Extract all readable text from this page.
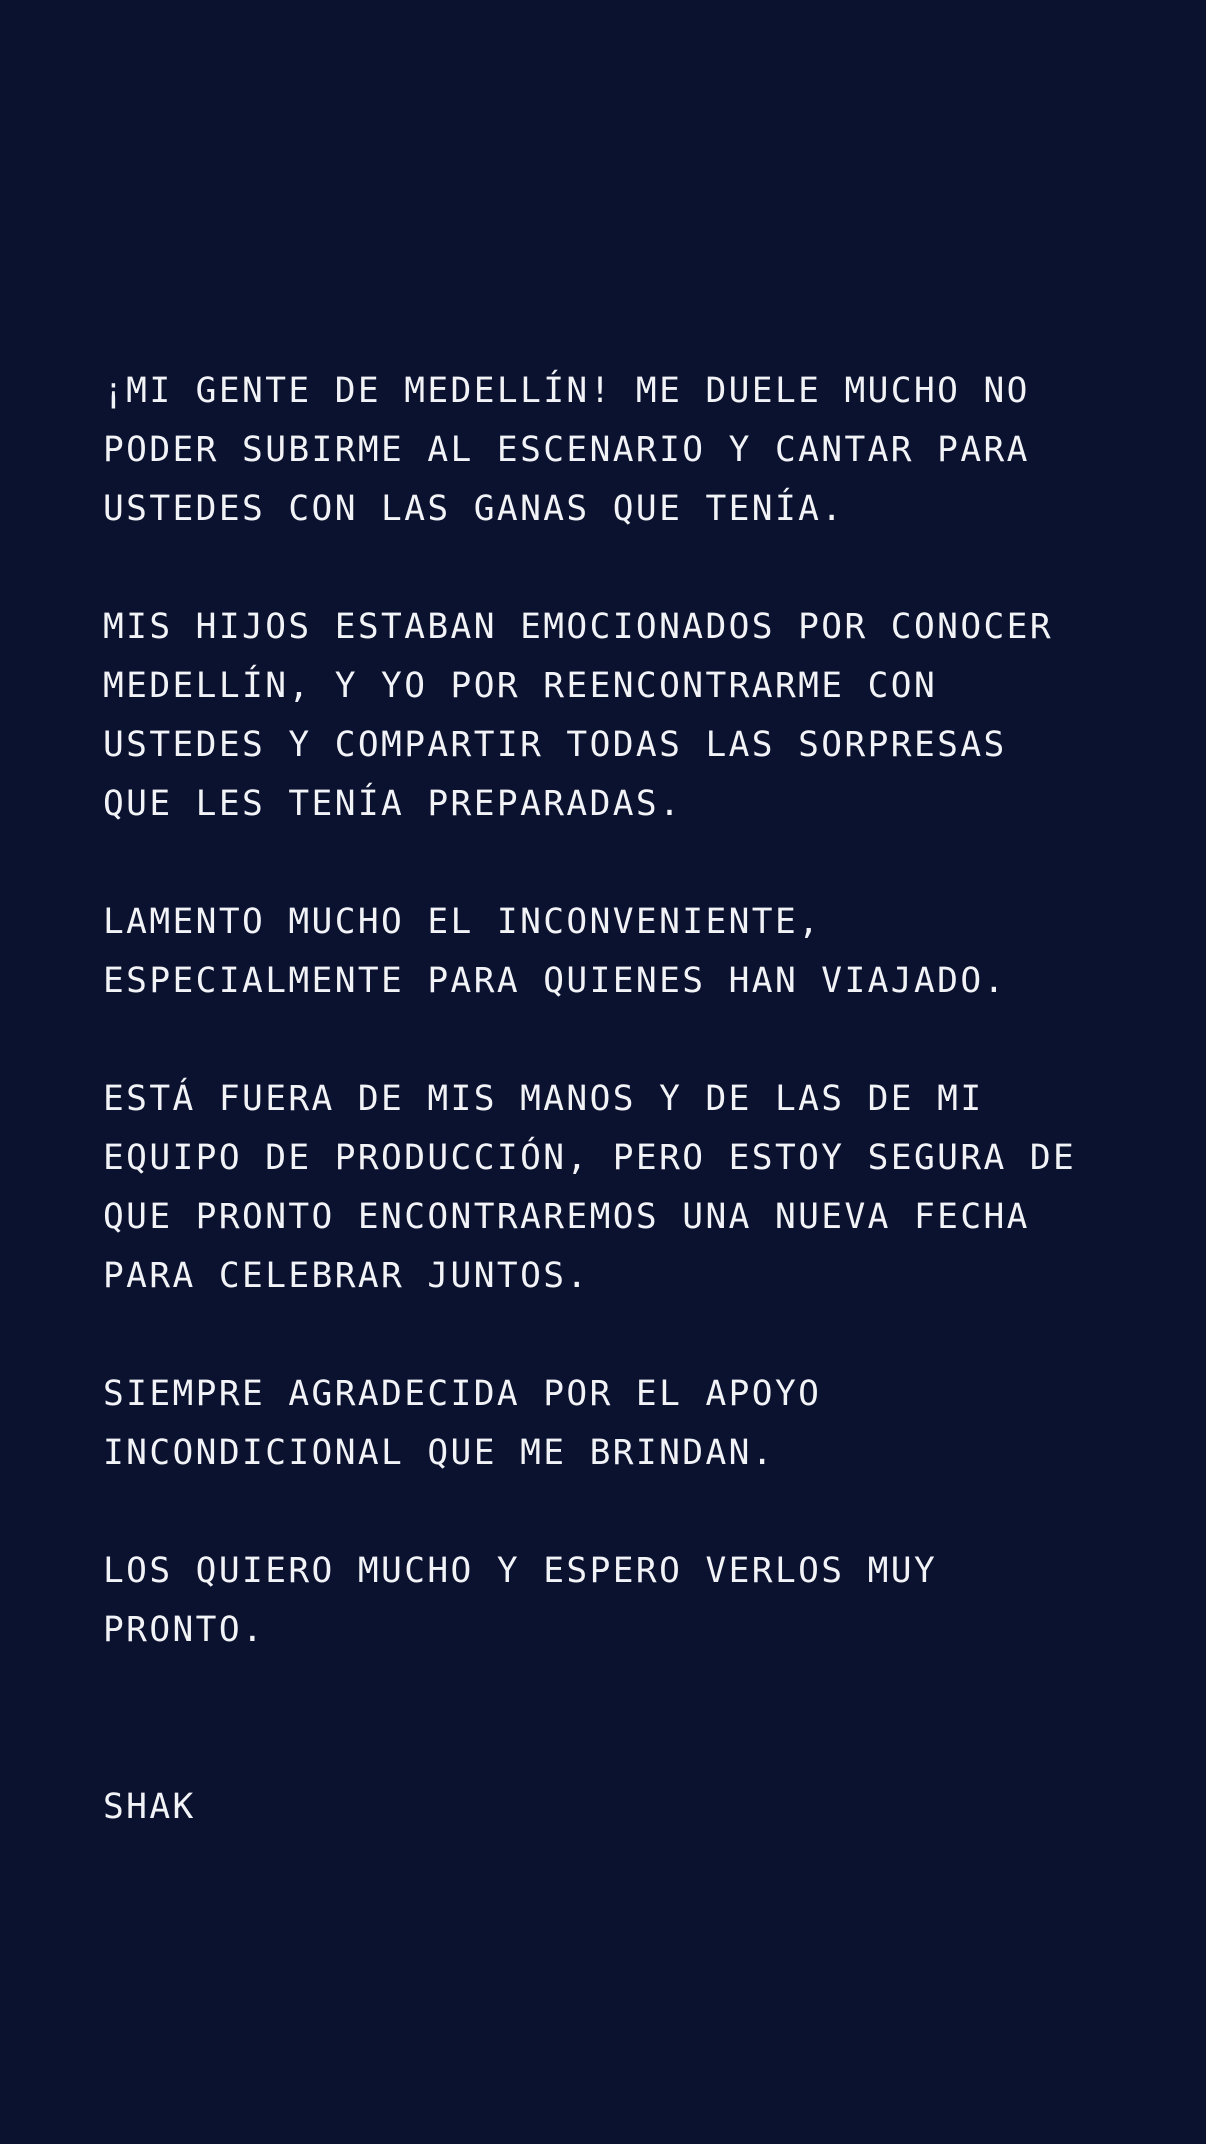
¡MI GENTE DE MEDELLÍN! ME DUELE MUCHO NO
PODER SUBIRME AL ESCENARIO Y CANTAR PARA
USTEDES CON LAS GANAS QUE TENÍA.
MIS HIJOS ESTABAN EMOCIONADOS POR CONOCER
MEDELLÍN, Y YO POR REENCONTRARME CON
USTEDES Y COMPARTIR TODAS LAS SORPRESAS
QUE LES TENÍA PREPARADAS.
LAMENTO MUCHO EL INCONVENIENTE,
ESPECIALMENTE PARA QUIENES HAN VIAJADO.
ESTÁ FUERA DE MIS MANOS Y DE LAS DE MI
EQUIPO DE PRODUCCIÓN, PERO ESTOY SEGURA DE
QUE PRONTO ENCONTRAREMOS UNA NUEVA FECHA
PARA CELEBRAR JUNTOS.
SIEMPRE AGRADECIDA POR EL APOYO
INCONDICIONAL QUE ME BRINDAN.
LOS QUIERO MUCHO Y ESPERO VERLOS MUY
PRONTO.
SHAK
